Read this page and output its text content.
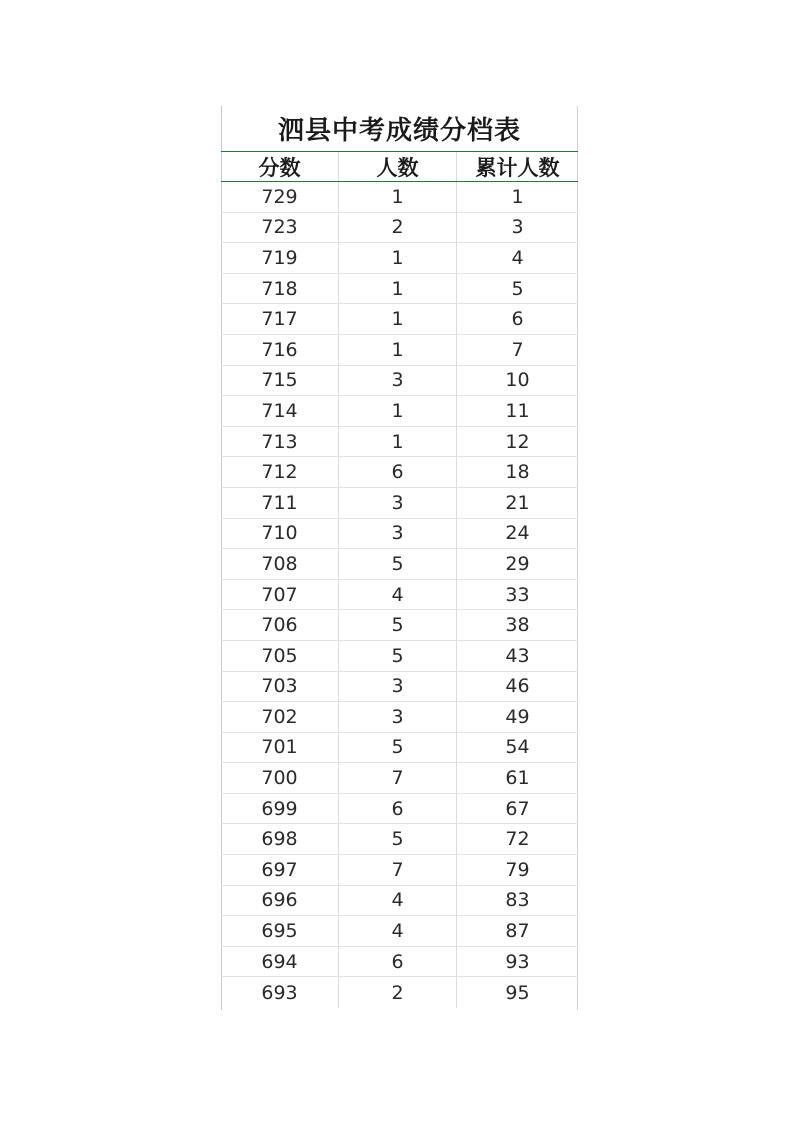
泗县中考成绩分档表
分数	人数	累计人数
729	1	1
723	2	3
719	1	4
718	1	5
717	1	6
716	1	7
715	3	10
714	1	11
713	1	12
712	6	18
711	3	21
710	3	24
708	5	29
707	4	33
706	5	38
705	5	43
703	3	46
702	3	49
701	5	54
700	7	61
699	6	67
698	5	72
697	7	79
696	4	83
695	4	87
694	6	93
693	2	95
